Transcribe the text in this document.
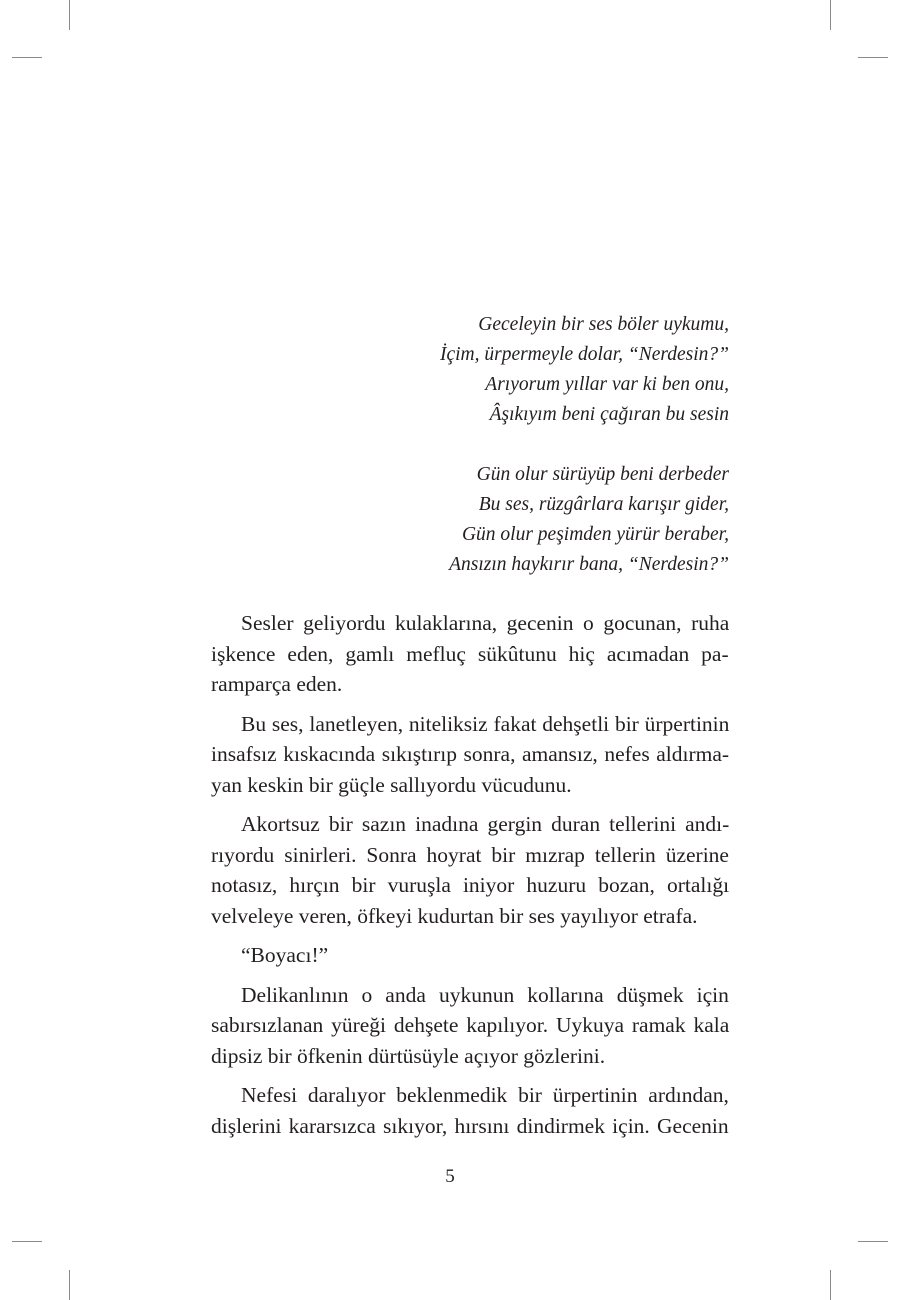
Geceleyin bir ses böler uykumu,
İçim, ürpermeyle dolar, “Nerdesin?”
Arıyorum yıllar var ki ben onu,
Âşıkıyım beni çağıran bu sesin
Gün olur sürüyüp beni derbeder
Bu ses, rüzgârlara karışır gider,
Gün olur peşimden yürür beraber,
Ansızın haykırır bana, “Nerdesin?”
Sesler geliyordu kulaklarına, gecenin o gocunan, ruha
işkence eden, gamlı mefluç sükûtunu hiç acımadan pa-
ramparça eden.
Bu ses, lanetleyen, niteliksiz fakat dehşetli bir ürpertinin
insafsız kıskacında sıkıştırıp sonra, amansız, nefes aldırma-
yan keskin bir güçle sallıyordu vücudunu.
Akortsuz bir sazın inadına gergin duran tellerini andı-
rıyordu sinirleri. Sonra hoyrat bir mızrap tellerin üzerine
notasız, hırçın bir vuruşla iniyor huzuru bozan, ortalığı
velveleye veren, öfkeyi kudurtan bir ses yayılıyor etrafa.
“Boyacı!”
Delikanlının o anda uykunun kollarına düşmek için
sabırsızlanan yüreği dehşete kapılıyor. Uykuya ramak kala
dipsiz bir öfkenin dürtüsüyle açıyor gözlerini.
Nefesi daralıyor beklenmedik bir ürpertinin ardından,
dişlerini kararsızca sıkıyor, hırsını dindirmek için. Gecenin
5
